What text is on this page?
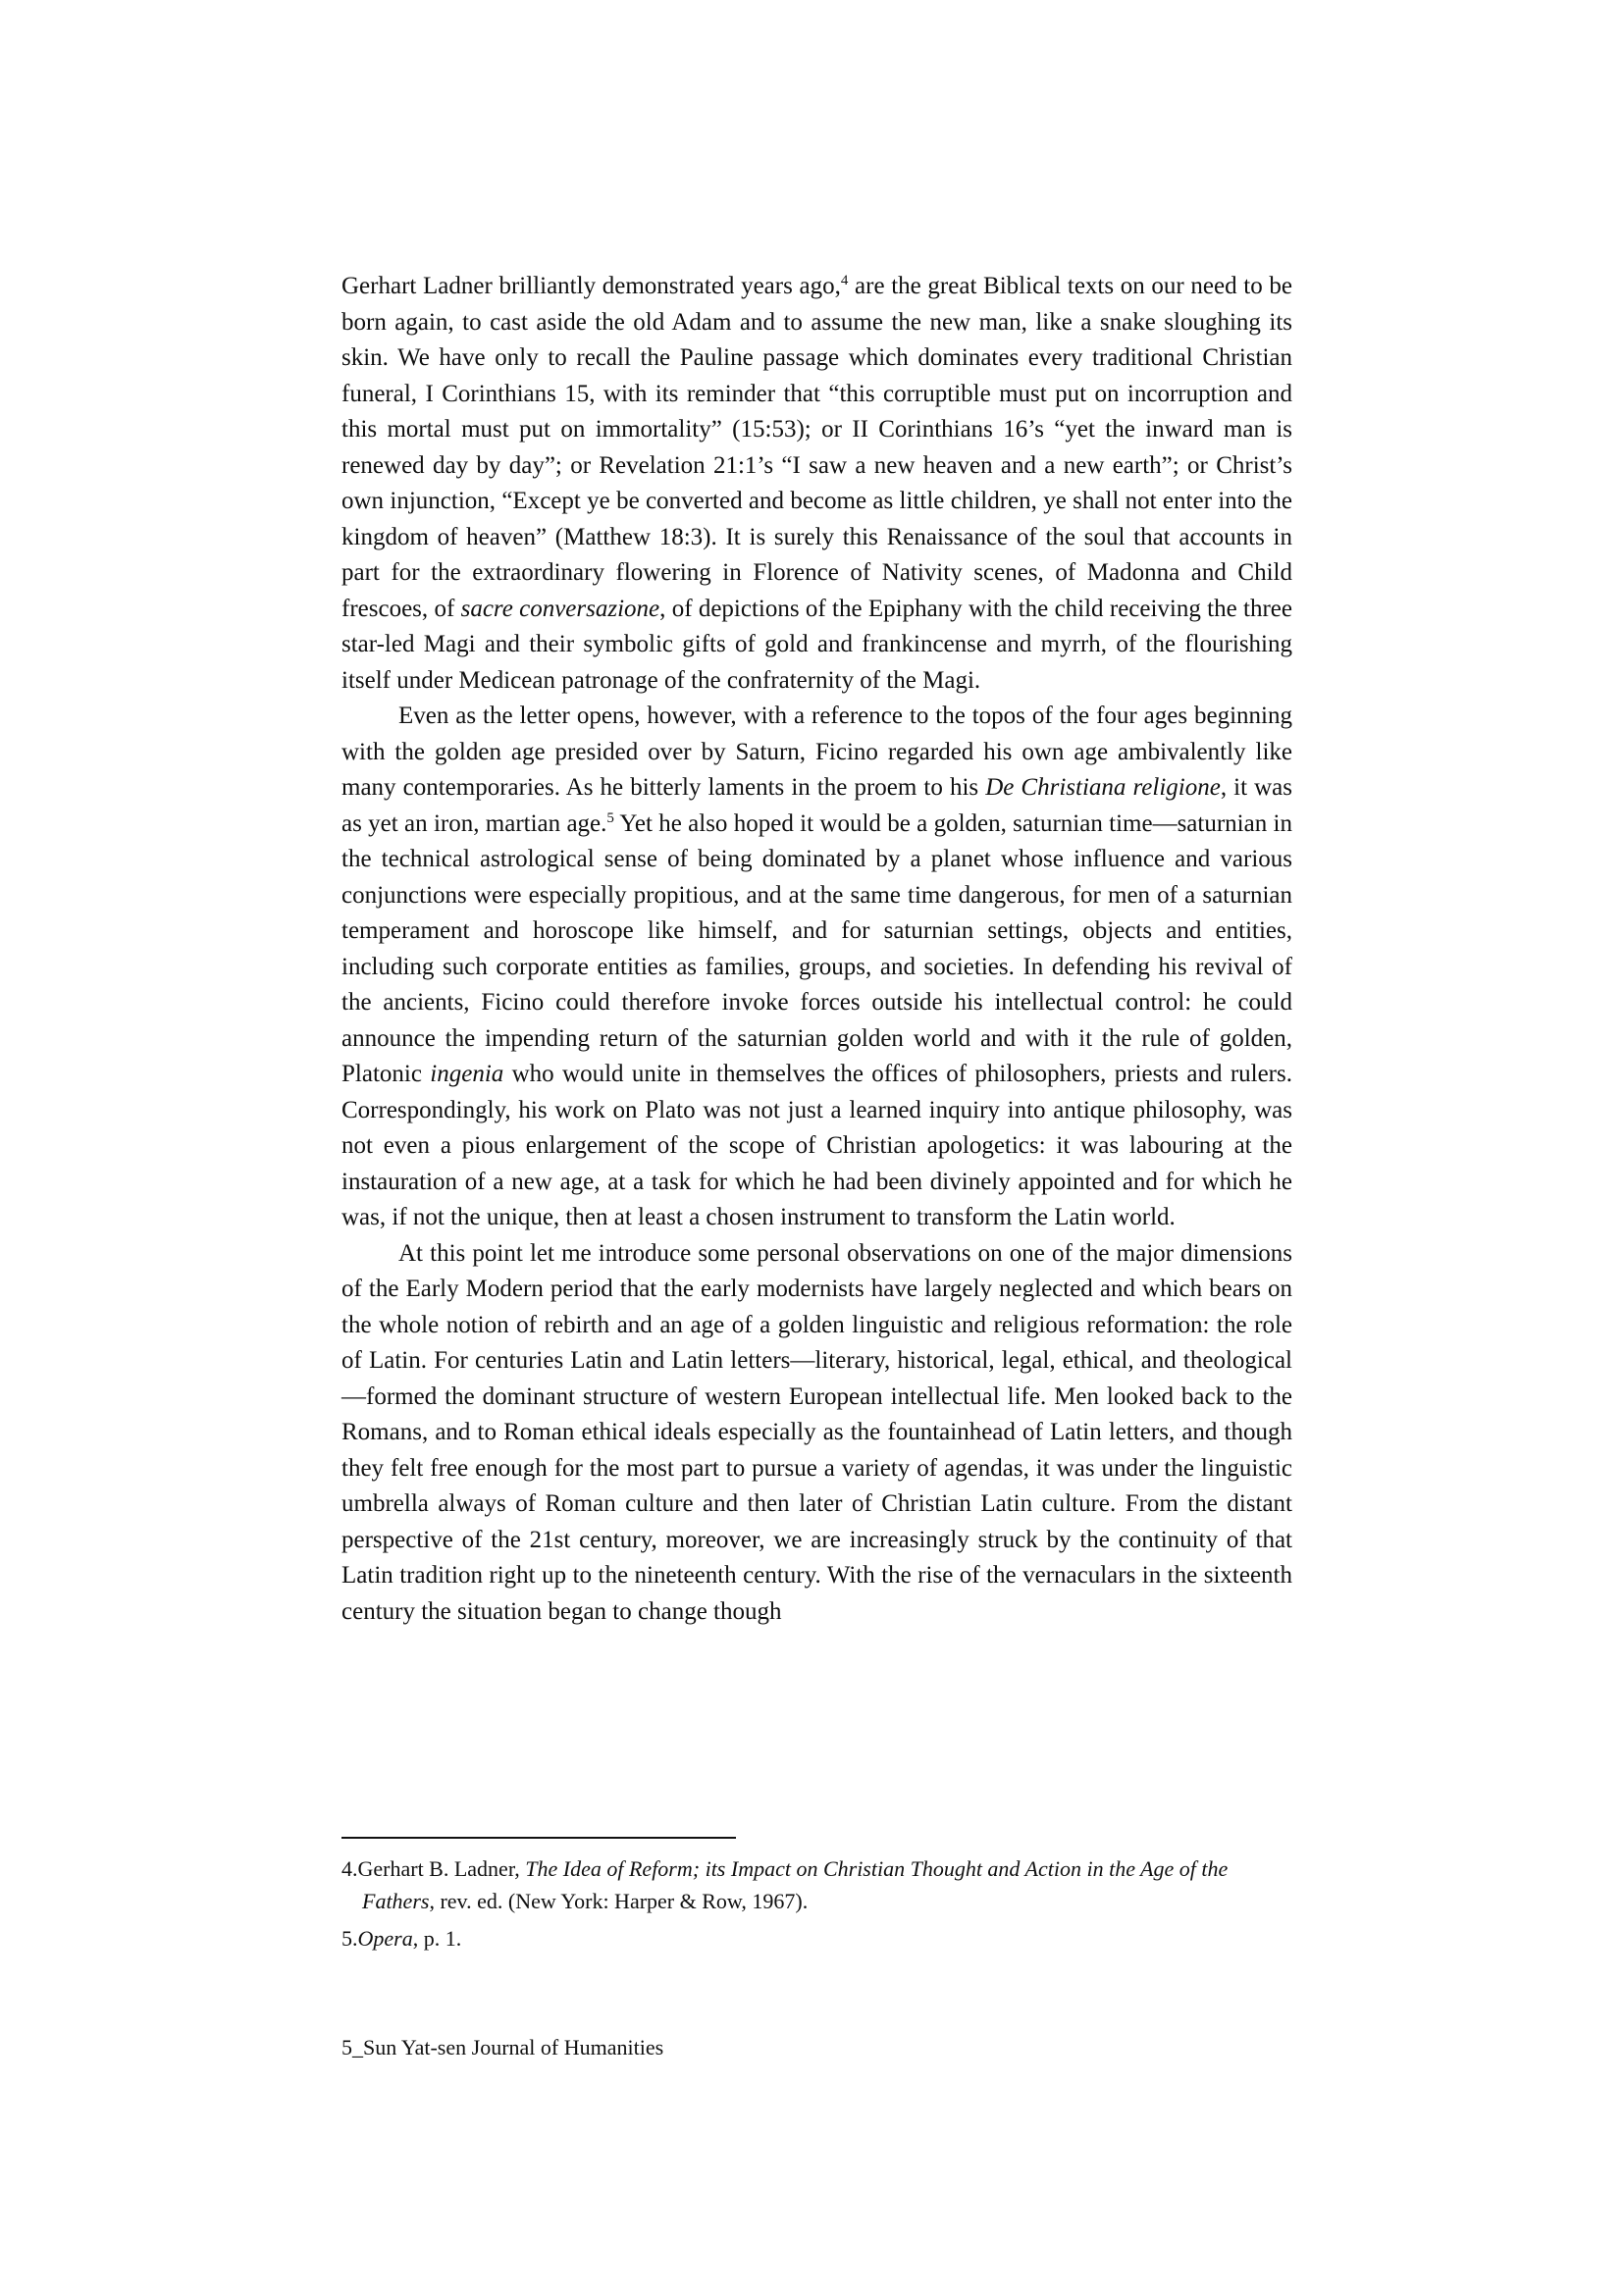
Gerhart Ladner brilliantly demonstrated years ago,$^4$ are the great Biblical texts on our need to be born again, to cast aside the old Adam and to assume the new man, like a snake sloughing its skin. We have only to recall the Pauline passage which dominates every traditional Christian funeral, I Corinthians 15, with its reminder that “this corruptible must put on incorruption and this mortal must put on immortality” (15:53); or II Corinthians 16’s “yet the inward man is renewed day by day”; or Revelation 21:1’s “I saw a new heaven and a new earth”; or Christ’s own injunction, “Except ye be converted and become as little children, ye shall not enter into the kingdom of heaven” (Matthew 18:3). It is surely this Renaissance of the soul that accounts in part for the extraordinary flowering in Florence of Nativity scenes, of Madonna and Child frescoes, of sacre conversazione, of depictions of the Epiphany with the child receiving the three star-led Magi and their symbolic gifts of gold and frankincense and myrrh, of the flourishing itself under Medicean patronage of the confraternity of the Magi.

Even as the letter opens, however, with a reference to the topos of the four ages beginning with the golden age presided over by Saturn, Ficino regarded his own age ambivalently like many contemporaries. As he bitterly laments in the proem to his De Christiana religione, it was as yet an iron, martian age.$^5$ Yet he also hoped it would be a golden, saturnian time—saturnian in the technical astrological sense of being dominated by a planet whose influence and various conjunctions were especially propitious, and at the same time dangerous, for men of a saturnian temperament and horoscope like himself, and for saturnian settings, objects and entities, including such corporate entities as families, groups, and societies. In defending his revival of the ancients, Ficino could therefore invoke forces outside his intellectual control: he could announce the impending return of the saturnian golden world and with it the rule of golden, Platonic ingenia who would unite in themselves the offices of philosophers, priests and rulers. Correspondingly, his work on Plato was not just a learned inquiry into antique philosophy, was not even a pious enlargement of the scope of Christian apologetics: it was labouring at the instauration of a new age, at a task for which he had been divinely appointed and for which he was, if not the unique, then at least a chosen instrument to transform the Latin world.

At this point let me introduce some personal observations on one of the major dimensions of the Early Modern period that the early modernists have largely neglected and which bears on the whole notion of rebirth and an age of a golden linguistic and religious reformation: the role of Latin. For centuries Latin and Latin letters—literary, historical, legal, ethical, and theological—formed the dominant structure of western European intellectual life. Men looked back to the Romans, and to Roman ethical ideals especially as the fountainhead of Latin letters, and though they felt free enough for the most part to pursue a variety of agendas, it was under the linguistic umbrella always of Roman culture and then later of Christian Latin culture. From the distant perspective of the 21st century, moreover, we are increasingly struck by the continuity of that Latin tradition right up to the nineteenth century. With the rise of the vernaculars in the sixteenth century the situation began to change though

4.Gerhart B. Ladner, The Idea of Reform; its Impact on Christian Thought and Action in the Age of the Fathers, rev. ed. (New York: Harper & Row, 1967).

5.Opera, p. 1.

5_Sun Yat-sen Journal of Humanities
